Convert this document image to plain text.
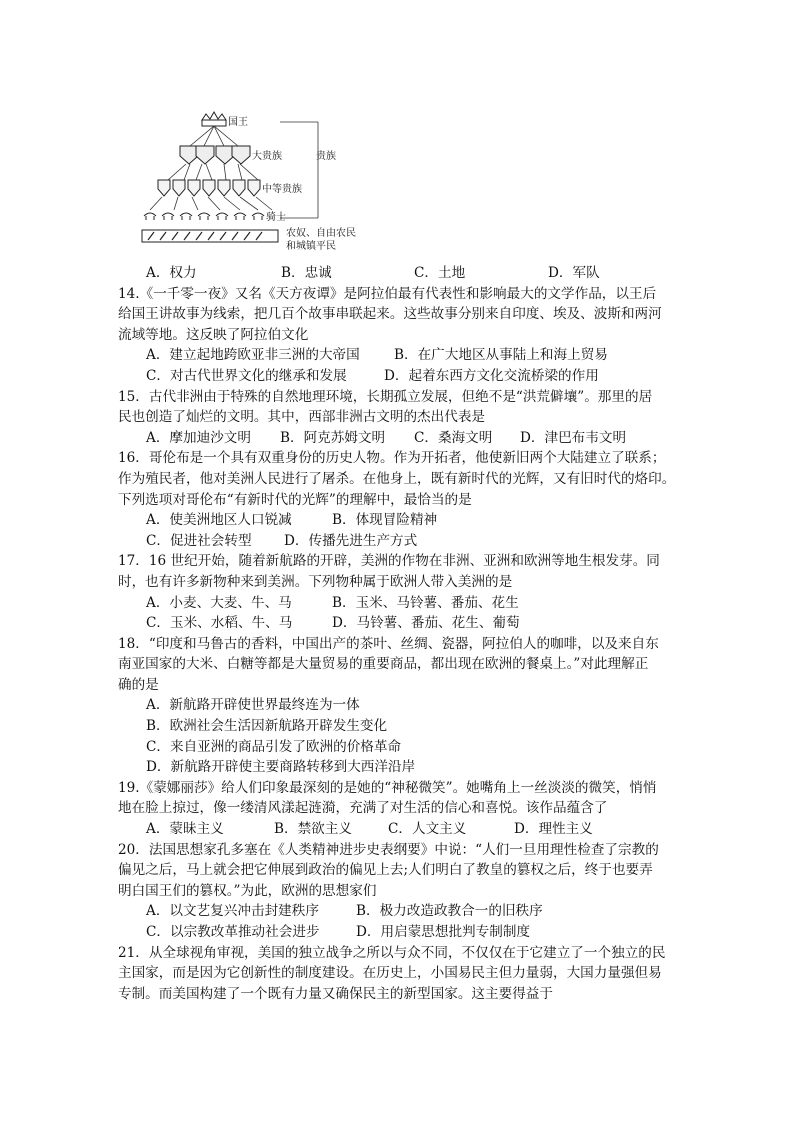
国王
大贵族	贵族
中等贵族
骑士
农奴、自由农民
和城镇平民
A．权力	B．忠诚	C．土地	D．军队
14.《一千零一夜》又名《天方夜谭》是阿拉伯最有代表性和影响最大的文学作品，以王后
给国王讲故事为线索，把几百个故事串联起来。这些故事分别来自印度、埃及、波斯和两河
流域等地。这反映了阿拉伯文化
A．建立起地跨欧亚非三洲的大帝国	B．在广大地区从事陆上和海上贸易
C．对古代世界文化的继承和发展	D．起着东西方文化交流桥梁的作用
15．古代非洲由于特殊的自然地理环境，长期孤立发展，但绝不是“洪荒僻壤”。那里的居
民也创造了灿烂的文明。其中，西部非洲古文明的杰出代表是
A．摩加迪沙文明 B．阿克苏姆文明 C．桑海文明 D．津巴布韦文明
16．哥伦布是一个具有双重身份的历史人物。作为开拓者，他使新旧两个大陆建立了联系；
作为殖民者，他对美洲人民进行了屠杀。在他身上，既有新时代的光辉，又有旧时代的烙印。
下列选项对哥伦布“有新时代的光辉”的理解中，最恰当的是
A．使美洲地区人口锐减	B．体现冒险精神
C．促进社会转型 D．传播先进生产方式
17．16 世纪开始，随着新航路的开辟，美洲的作物在非洲、亚洲和欧洲等地生根发芽。同
时，也有许多新物种来到美洲。下列物种属于欧洲人带入美洲的是
A．小麦、大麦、牛、马	B．玉米、马铃薯、番茄、花生
C．玉米、水稻、牛、马	D．马铃薯、番茄、花生、葡萄
18．“印度和马鲁古的香料，中国出产的茶叶、丝绸、瓷器，阿拉伯人的咖啡，以及来自东
南亚国家的大米、白糖等都是大量贸易的重要商品，都出现在欧洲的餐桌上。”对此理解正
确的是
A．新航路开辟使世界最终连为一体
B．欧洲社会生活因新航路开辟发生变化
C．来自亚洲的商品引发了欧洲的价格革命
D．新航路开辟使主要商路转移到大西洋沿岸
19.《蒙娜丽莎》给人们印象最深刻的是她的“神秘微笑”。她嘴角上一丝淡淡的微笑，悄悄
地在脸上掠过，像一缕清风漾起涟漪，充满了对生活的信心和喜悦。该作品蕴含了
A．蒙昧主义	B．禁欲主义	C．人文主义	D．理性主义
20．法国思想家孔多塞在《人类精神进步史表纲要》中说：“人们一旦用理性检查了宗教的
偏见之后，马上就会把它伸展到政治的偏见上去;人们明白了教皇的篡权之后，终于也要弄
明白国王们的篡权。”为此，欧洲的思想家们
A．以文艺复兴冲击封建秩序	B．极力改造政教合一的旧秩序
C．以宗教改革推动社会进步	D．用启蒙思想批判专制制度
21．从全球视角审视，美国的独立战争之所以与众不同，不仅仅在于它建立了一个独立的民
主国家，而是因为它创新性的制度建设。在历史上，小国易民主但力量弱，大国力量强但易
专制。而美国构建了一个既有力量又确保民主的新型国家。这主要得益于
